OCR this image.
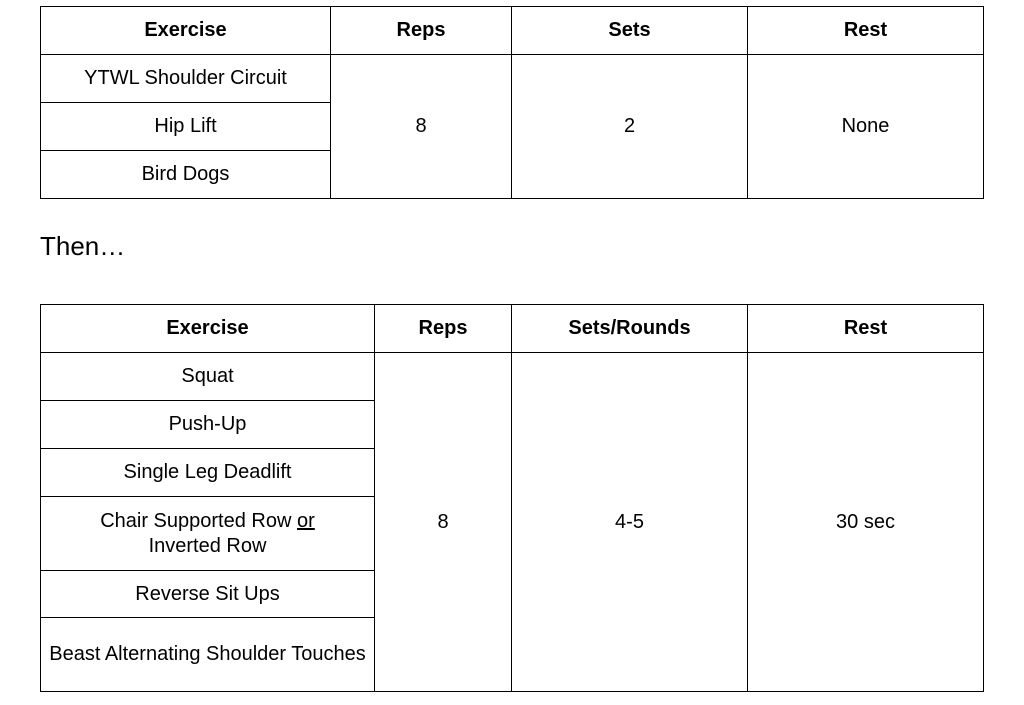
Exercise	Reps	Sets	Rest
YTWL Shoulder Circuit	8	2	None
Hip Lift			
Bird Dogs			
Then…
Exercise	Reps	Sets/Rounds	Rest
Squat	8	4-5	30 sec
Push-Up			
Single Leg Deadlift			
Chair Supported Row or
Inverted Row			
Reverse Sit Ups			
Beast Alternating Shoulder Touches			
